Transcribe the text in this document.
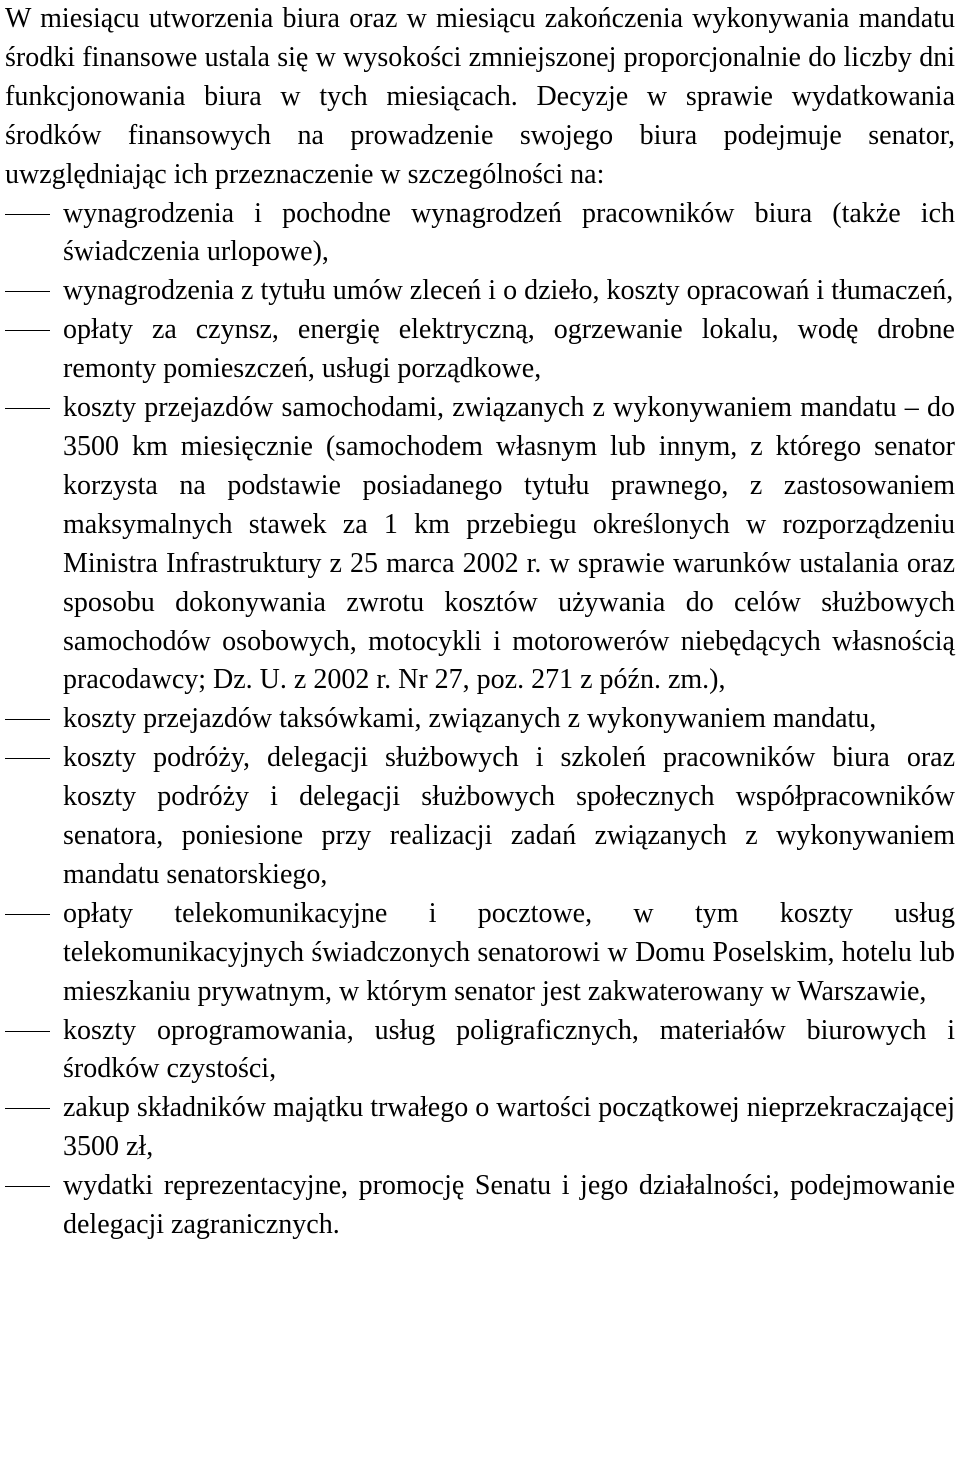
W miesiącu utworzenia biura oraz w miesiącu zakończenia wykonywania mandatu środki finansowe ustala się w wysokości zmniejszonej proporcjonalnie do liczby dni funkcjonowania biura w tych miesiącach. Decyzje w sprawie wydatkowania środków finansowych na prowadzenie swojego biura podejmuje senator, uwzględniając ich przeznaczenie w szczególności na:

wynagrodzenia i pochodne wynagrodzeń pracowników biura (także ich świadczenia urlopowe),
wynagrodzenia z tytułu umów zleceń i o dzieło, koszty opracowań i tłumaczeń,
opłaty za czynsz, energię elektryczną, ogrzewanie lokalu, wodę drobne remonty pomieszczeń, usługi porządkowe,
koszty przejazdów samochodami, związanych z wykonywaniem mandatu – do 3500 km miesięcznie (samochodem własnym lub innym, z którego senator korzysta na podstawie posiadanego tytułu prawnego, z zastosowaniem maksymalnych stawek za 1 km przebiegu określonych w rozporządzeniu Ministra Infrastruktury z 25 marca 2002 r. w sprawie warunków ustalania oraz sposobu dokonywania zwrotu kosztów używania do celów służbowych samochodów osobowych, motocykli i motorowerów niebędących własnością pracodawcy; Dz. U. z 2002 r. Nr 27, poz. 271 z późn. zm.),
koszty przejazdów taksówkami, związanych z wykonywaniem mandatu,
koszty podróży, delegacji służbowych i szkoleń pracowników biura oraz koszty podróży i delegacji służbowych społecznych współpracowników senatora, poniesione przy realizacji zadań związanych z wykonywaniem mandatu senatorskiego,
opłaty telekomunikacyjne i pocztowe, w tym koszty usług telekomunikacyjnych świadczonych senatorowi w Domu Poselskim, hotelu lub mieszkaniu prywatnym, w którym senator jest zakwaterowany w Warszawie,
koszty oprogramowania, usług poligraficznych, materiałów biurowych i środków czystości,
zakup składników majątku trwałego o wartości początkowej nieprzekraczającej 3500 zł,
wydatki reprezentacyjne, promocję Senatu i jego działalności, podejmowanie delegacji zagranicznych.
